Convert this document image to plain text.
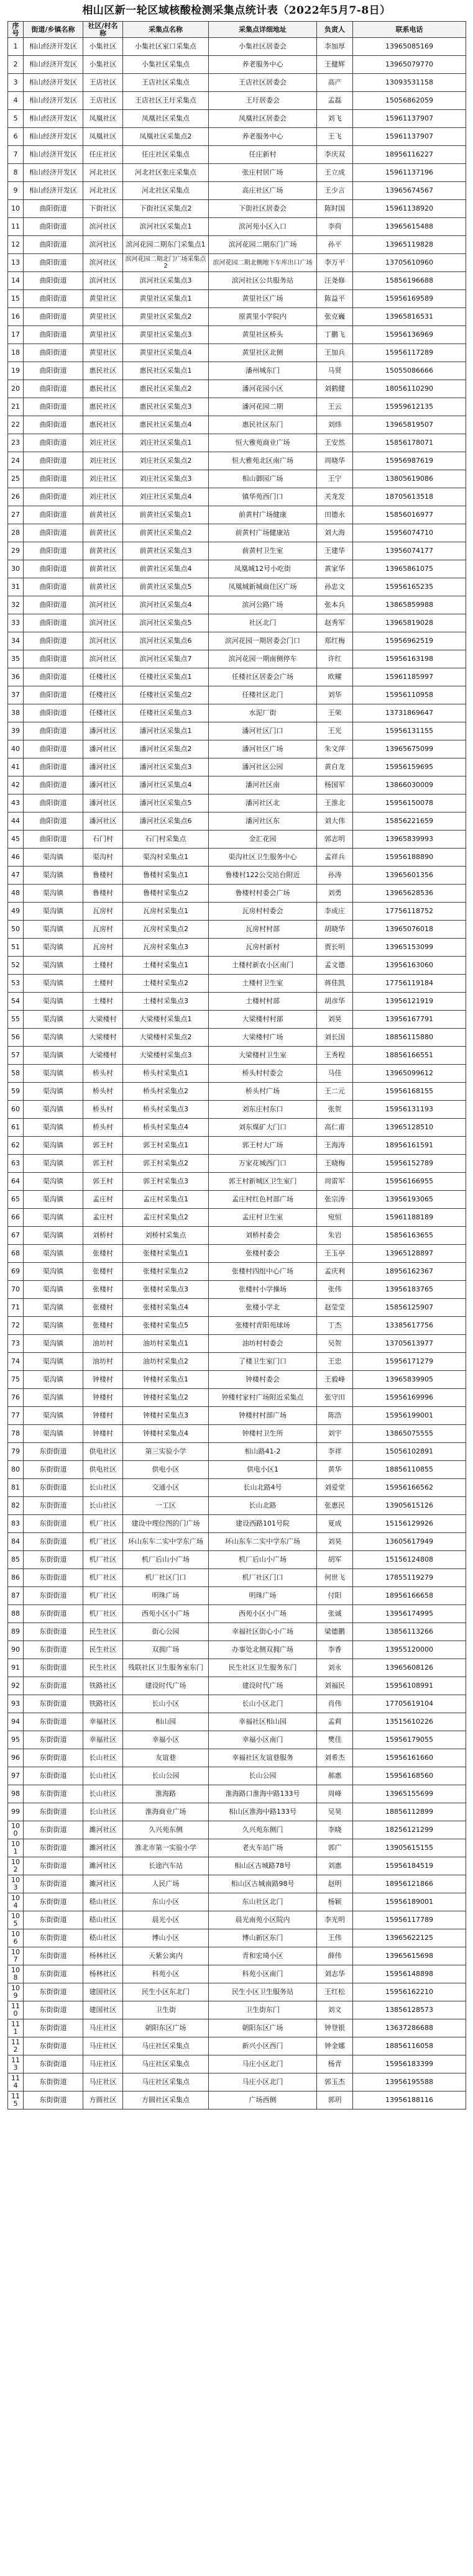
相山区新一轮区域核酸检测采集点统计表（2022年5月7-8日）
序号	街道/乡镇名称	社区/村名称	采集点名称	采集点详细地址	负责人	联系电话
1	相山经济开发区	小集社区	小集社区室口采集点	小集社区居委会	李加厚	13965085169
2	相山经济开发区	小集社区	小集社区采集点	养老服务中心	王健辉	13965079770
3	相山经济开发区	王店社区	王店社区采集点	王店社区居委会	高产	13093531158
4	相山经济开发区	王店社区	王店社区王圩采集点	王圩居委会	孟磊	15056862059
5	相山经济开发区	凤凰社区	凤凰社区采集点	凤凰社区居委会	刘飞	15961137907
6	相山经济开发区	凤凰社区	凤凰社区采集点2	养老服务中心	王飞	15961137907
7	相山经济开发区	任庄社区	任庄社区采集点	任庄新村	李庆双	18956116227
8	相山经济开发区	河北社区	河北社区张庄采集点	张庄村居广场	王立成	15961137196
9	相山经济开发区	河北社区	河北社区采集点	高庄社区广场	王少言	13965674567
10	曲阳街道	下街社区	下街社区采集点2	下街社区居委会	陈时国	15961138920
11	曲阳街道	滨河社区	滨河社区采集点1	滨河苑小区入口	李荷	13965615488
12	曲阳街道	滨河社区	滨河花园二期东门采集点1	滨河花园二期东门广场	孙平	13965119828
13	曲阳街道	滨河社区	滨河花园二期北门广场采集点2	滨河花园二期北侧地下车库出口广场	李万平	13705610960
14	曲阳街道	滨河社区	滨河社区采集点3	滨河社区公共服务站	汪尧修	15856196688
15	曲阳街道	黄里社区	黄里社区采集点1	黄里社区广场	陈益平	15956169589
16	曲阳街道	黄里社区	黄里社区采集点2	原黄里小学院内	张克巍	13965816531
17	曲阳街道	黄里社区	黄里社区采集点3	黄里社区桥头	丁鹏飞	15956136969
18	曲阳街道	黄里社区	黄里社区采集点4	黄里社区北侧	王加兵	15956117289
19	曲阳街道	惠民社区	惠民社区采集点1	潘州城东门	马贤	15055086666
20	曲阳街道	惠民社区	惠民社区采集点2	潘河花园小区	刘鹤健	18056110290
21	曲阳街道	惠民社区	惠民社区采集点3	潘河花园二期	王云	15959612135
22	曲阳街道	惠民社区	惠民社区采集点4	惠民社区东门	刘炜	13965819507
23	曲阳街道	刘庄社区	刘庄社区采集点1	恒大雅苑商业广场	王安然	15856178071
24	曲阳街道	刘庄社区	刘庄社区采集点2	恒大雅苑北区南广场	周晓华	15956987619
25	曲阳街道	刘庄社区	刘庄社区采集点3	相山御园广场	王宁	13805619086
26	曲阳街道	刘庄社区	刘庄社区采集点4	镇华苑西门口	关龙发	18705613518
27	曲阳街道	前黄社区	前黄社区采集点1	前黄村广场健康	田德永	15856016977
28	曲阳街道	前黄社区	前黄社区采集点2	前黄村广场健康站	刘大海	15956074710
29	曲阳街道	前黄社区	前黄社区采集点3	前黄村卫生室	王建华	13956074177
30	曲阳街道	前黄社区	前黄社区采集点4	凤凰城12号小吃街	黄家华	13965861075
31	曲阳街道	前黄社区	前黄社区采集点5	凤凰城新城商住区广场	孙忠文	15956165235
32	曲阳街道	滨河社区	滨河社区采集点4	滨河公路广场	张本兵	13865859988
33	曲阳街道	滨河社区	滨河社区采集点5	社区北门	赵秀军	13965819028
34	曲阳街道	滨河社区	滨河社区采集点6	滨河花园一期居委会门口	郑红梅	15956962519
35	曲阳街道	滨河社区	滨河社区采集点7	滨河花园一期南侧停车	许红	15956163198
36	曲阳街道	任楼社区	任楼社区采集点1	任楼社区居委会广场	欧耀	15961185997
37	曲阳街道	任楼社区	任楼社区采集点2	任楼社区北门	刘华	15956110958
38	曲阳街道	任楼社区	任楼社区采集点3	水泥厂街	王荣	13731869647
39	曲阳街道	潘河社区	潘河社区采集点1	潘河社区门口	王光	15956131155
40	曲阳街道	潘河社区	潘河社区采集点2	潘河社区广场	朱文萍	13965675099
41	曲阳街道	潘河社区	潘河社区采集点3	潘河社区公园	黄自龙	15956159695
42	曲阳街道	潘河社区	潘河社区采集点4	潘河社区南	杨国军	13866030009
43	曲阳街道	潘河社区	潘河社区采集点5	潘河社区北	王淮北	15956150078
44	曲阳街道	潘河社区	潘河社区采集点6	潘河社区东	刘大伟	15856221659
45	曲阳街道	石门村	石门村采集点	金汇花园	郭志明	13965839993
46	渠沟镇	渠沟村	渠沟村采集点1	渠沟社区卫生服务中心	孟祥兵	15956188890
47	渠沟镇	鲁楼村	鲁楼村采集点1	鲁楼村122公交站台附近	孙涛	13965601356
48	渠沟镇	鲁楼村	鲁楼村采集点2	鲁楼村村委会广场	刘勇	13965628536
49	渠沟镇	瓦房村	瓦房村采集点1	瓦房村村委会	李成庄	17756118752
50	渠沟镇	瓦房村	瓦房村采集点2	瓦房村村部	胡晓华	13965076018
51	渠沟镇	瓦房村	瓦房村采集点3	瓦房村新村	贾长明	13965153099
52	渠沟镇	土楼村	土楼村采集点1	土楼村新农小区南门	孟文德	13956163060
53	渠沟镇	土楼村	土楼村采集点2	土楼村卫生室	蒋佳凯	17756119184
54	渠沟镇	土楼村	土楼村采集点3	土楼村村部	胡彦华	13956121919
55	渠沟镇	大梁楼村	大梁楼村采集点1	大梁楼村村部	刘昊	13956167791
56	渠沟镇	大梁楼村	大梁楼村采集点2	大梁楼村广场	刘长国	18856115880
57	渠沟镇	大梁楼村	大梁楼村采集点3	大梁楼村卫生室	王秀程	18856166551
58	渠沟镇	桥头村	桥头村采集点1	桥头村村委会	马佳	13965099612
59	渠沟镇	桥头村	桥头村采集点2	桥头村广场	王二元	15956168155
60	渠沟镇	桥头村	桥头村采集点3	刘东庄村东口	张贺	15956131193
61	渠沟镇	桥头村	桥头村采集点4	刘东煤矿大门口	高仁甫	13965128510
62	渠沟镇	郭王村	郭王村采集点1	郭王村大广场	王海涛	18956161591
63	渠沟镇	郭王村	郭王村采集点2	万家花城西门口	王晓梅	15956152789
64	渠沟镇	郭王村	郭王村采集点3	郭王村新城区卫生室门	周雷军	15956166955
65	渠沟镇	孟庄村	孟庄村采集点1	孟庄村红色村部广场	张宗涛	13956193065
66	渠沟镇	孟庄村	孟庄村采集点2	孟庄村卫生室	宛恒	15961188189
67	渠沟镇	刘桥村	刘桥村采集点	刘桥村委会	朱岩	15856163655
68	渠沟镇	张楼村	张楼村采集点1	张楼村委会	王玉亭	13965128897
69	渠沟镇	张楼村	张楼村采集点2	张楼村四组中心广场	孟庆利	18956162367
70	渠沟镇	张楼村	张楼村采集点3	张楼村小学操场	张伟	13956183765
71	渠沟镇	张楼村	张楼村采集点4	张楼小学北	赵莹莹	15856125907
72	渠沟镇	张楼村	张楼村采集点5	张楼村青阳苑球场	丁杰	13385617756
73	渠沟镇	油坊村	油坊村采集点1	油坊村村委会	吴贺	13705613977
74	渠沟镇	油坊村	油坊村采集点2	了楼卫生室门口	王忠	15956171279
75	渠沟镇	钟楼村	钟楼村采集点1	钟楼村委会	王毅峰	13965839905
76	渠沟镇	钟楼村	钟楼村采集点2	钟楼村家村广场附近采集点	张守田	15956169996
77	渠沟镇	钟楼村	钟楼村采集点3	钟楼村村部广场	陈浩	15956199001
78	渠沟镇	钟楼村	钟楼村采集点4	钟楼村卫生所	刘宇	13865075555
79	东街街道	供电社区	第三实验小学	相山路41-2	李祥	15056102891
80	东街街道	供电社区	供电小区	供电小区1	黄华	18856110855
81	东街街道	长山社区	交通小区	长山北路4号	刘爱堂	15956166562
82	东街街道	长山社区	一工区	长山北路	张惠民	13905615126
83	东街街道	机厂社区	建设中理位图的门广场	建设西路101号院	夏成	15156129926
84	东街街道	机厂社区	环山东车二实中学东广场	环山东车二实中学东广场	刘昊	13605617949
85	东街街道	机厂社区	机厂后山小广场	机厂后山小广场	胡军	15156124808
86	东街街道	机厂社区	机厂社区门口	机厂社区门口	何世飞	17855119279
87	东街街道	机厂社区	明珠广场	明珠广场	付阳	18956166658
88	东街街道	机厂社区	西苑小区小广场	西苑小区小广场	张诚	13956174995
89	东街街道	民生社区	街心公园	幸福社区街心小广场	梁德鹏	13856113266
90	东街街道	民生社区	双拥广场	办事处北侧双拥广场	李香	13955120000
91	东街街道	民生社区	残联社区卫生服务室东门	民生社区卫生服务东门	刘永	13965608126
92	东街街道	铁路社区	建设时代广场	建设时代广场	刘福民	15956108991
93	东街街道	铁路社区	长山小区	长山小区北门	肖伟	17705619104
94	东街街道	幸福社区	相山园	幸福社区相山园	孟莉	13515610226
95	东街街道	幸福社区	幸福小区	幸福小区南门	樊佳	15956179055
96	东街街道	长山社区	友谊巷	幸福社区友谊巷服务	刘希杰	15956161660
97	东街街道	长山社区	长山公园	长山公园	郝惠	15956168560
98	东街街道	长山社区	淮海路	淮海路口淮海中路133号	周峰	13965155699
99	东街街道	长山社区	淮海商业广场	相山区淮海中路133号	吴昊	18856112899
100	东街街道	濉河社区	久兴苑东侧	久兴苑东侧门	李晓	18256121299
101	东街街道	濉河社区	淮北市第一实验小学	老火车站广场	郭广	13905615155
102	东街街道	濉河社区	长途汽车站	相山区古城路78号	刘惠	15956184519
103	东街街道	濉河社区	人民广场	相山区古城南路98号	赵明	18956121866
104	东街街道	嵇山社区	东山小区	东山社区北门	杨颖	15956189001
105	东街街道	嵇山社区	晨光小区	晨光南苑小区院内	李光明	15956117789
106	东街街道	嵇山社区	博山小区	博山新区东门	王伟	13965622125
107	东街街道	杨林社区	天紫公寓内	青和宏琦小区	薛伟	13965615698
108	东街街道	杨林社区	科苑小区	科苑小区南门	刘志华	15956148898
109	东街街道	建国社区	民生小区东北门	民生小区卫生服务站	王红松	15956162210
110	东街街道	建国社区	卫生街	卫生街东门	刘文	13856128573
111	东街街道	马庄社区	朝阳东区广场	朝阳东区广场	钟登银	13637286688
112	东街街道	马庄社区	马庄社区采集点	新兴小区西门	钟金娜	18856116058
113	东街街道	马庄社区	马庄社区采集点	马庄小区北门	杨青	15956183399
114	东街街道	马庄社区	马庄社区采集点	马庄小区北门	郭玉杰	13956195588
115	东街街道	方圆社区	方圆社区采集点	广场西侧	郭玥	13956188116
